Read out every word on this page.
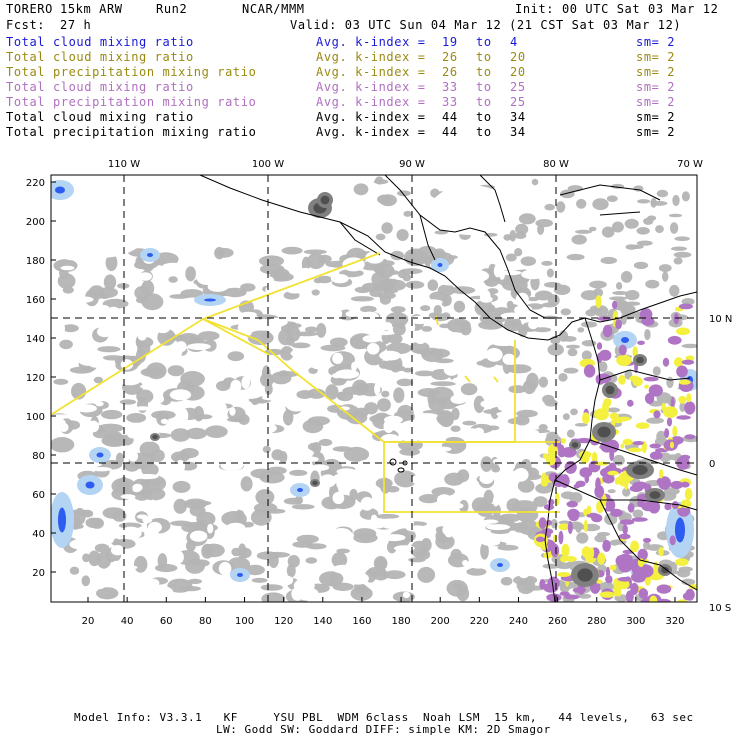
TORERO 15km ARW	Run2	NCAR/MMM	Init: 00 UTC Sat 03 Mar 12
Fcst: 27 h	Valid: 03 UTC Sun 04 Mar 12 (21 CST Sat 03 Mar 12)
Total cloud mixing ratio	Avg. k-index = 19 to 4	sm= 2
Total cloud mixing ratio	Avg. k-index = 26 to 20	sm= 2
Total precipitation mixing ratio	Avg. k-index = 26 to 20	sm= 2
Total cloud mixing ratio	Avg. k-index = 33 to 25	sm= 2
Total precipitation mixing ratio	Avg. k-index = 33 to 25	sm= 2
Total cloud mixing ratio	Avg. k-index = 44 to 34	sm= 2
Total precipitation mixing ratio	Avg. k-index = 44 to 34	sm= 2
220
200
180
160
140
120
100
80
60
40
20
20	40	60	80 100 120 140 160 180 200 220 240 260 280 300 320
110 W	100 W	90 W	80 W	70 W
10 N
0
10 S
Model Info: V3.3.1   KF     YSU PBL  WDM 6class  Noah LSM  15 km,   44 levels,   63 sec
LW: Godd SW: Goddard DIFF: simple KM: 2D Smagor
